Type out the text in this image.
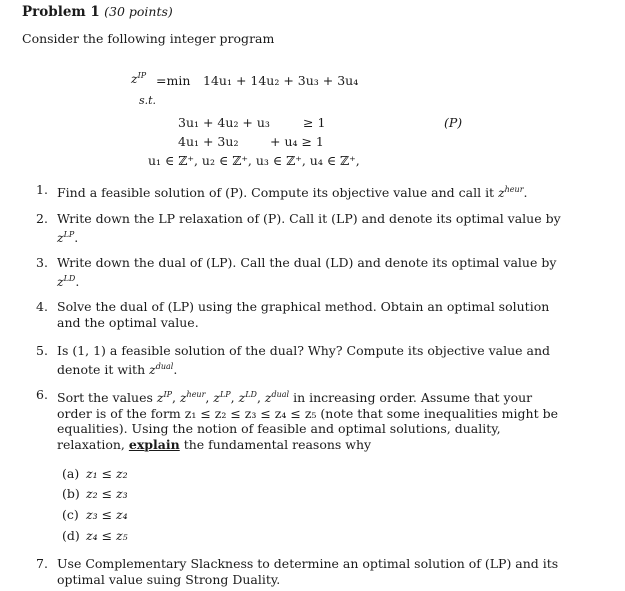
Problem 1 (30 points)
Consider the following integer program
$z^{IP} =\min$ 14u₁ + 14u₂ + 3u₃ + 3u₄
s.t.
3u₁ + 4u₂ + u₃	≥ 1
4u₁ + 3u₂	+ u₄ ≥ 1
(P)
u₁ ∈ ℤ⁺, u₂ ∈ ℤ⁺, u₃ ∈ ℤ⁺, u₄ ∈ ℤ⁺,
1. Find a feasible solution of (P). Compute its objective value and call it $z^{heur}$.
2. Write down the LP relaxation of (P). Call it (LP) and denote its optimal value by $z^{LP}$.
3. Write down the dual of (LP). Call the dual (LD) and denote its optimal value by $z^{LD}$.
4. Solve the dual of (LP) using the graphical method. Obtain an optimal solution and the optimal value.
5. Is (1, 1) a feasible solution of the dual? Why? Compute its objective value and denote it with $z^{dual}$.
6. Sort the values $z^{IP}$, $z^{heur}$, $z^{LP}$, $z^{LD}$, $z^{dual}$ in increasing order. Assume that your order is of the form z₁ ≤ z₂ ≤ z₃ ≤ z₄ ≤ z₅ (note that some inequalities might be equalities). Using the notion of feasible and optimal solutions, duality, relaxation, explain the fundamental reasons why
(a) z₁ ≤ z₂
(b) z₂ ≤ z₃
(c) z₃ ≤ z₄
(d) z₄ ≤ z₅
7. Use Complementary Slackness to determine an optimal solution of (LP) and its optimal value suing Strong Duality.
